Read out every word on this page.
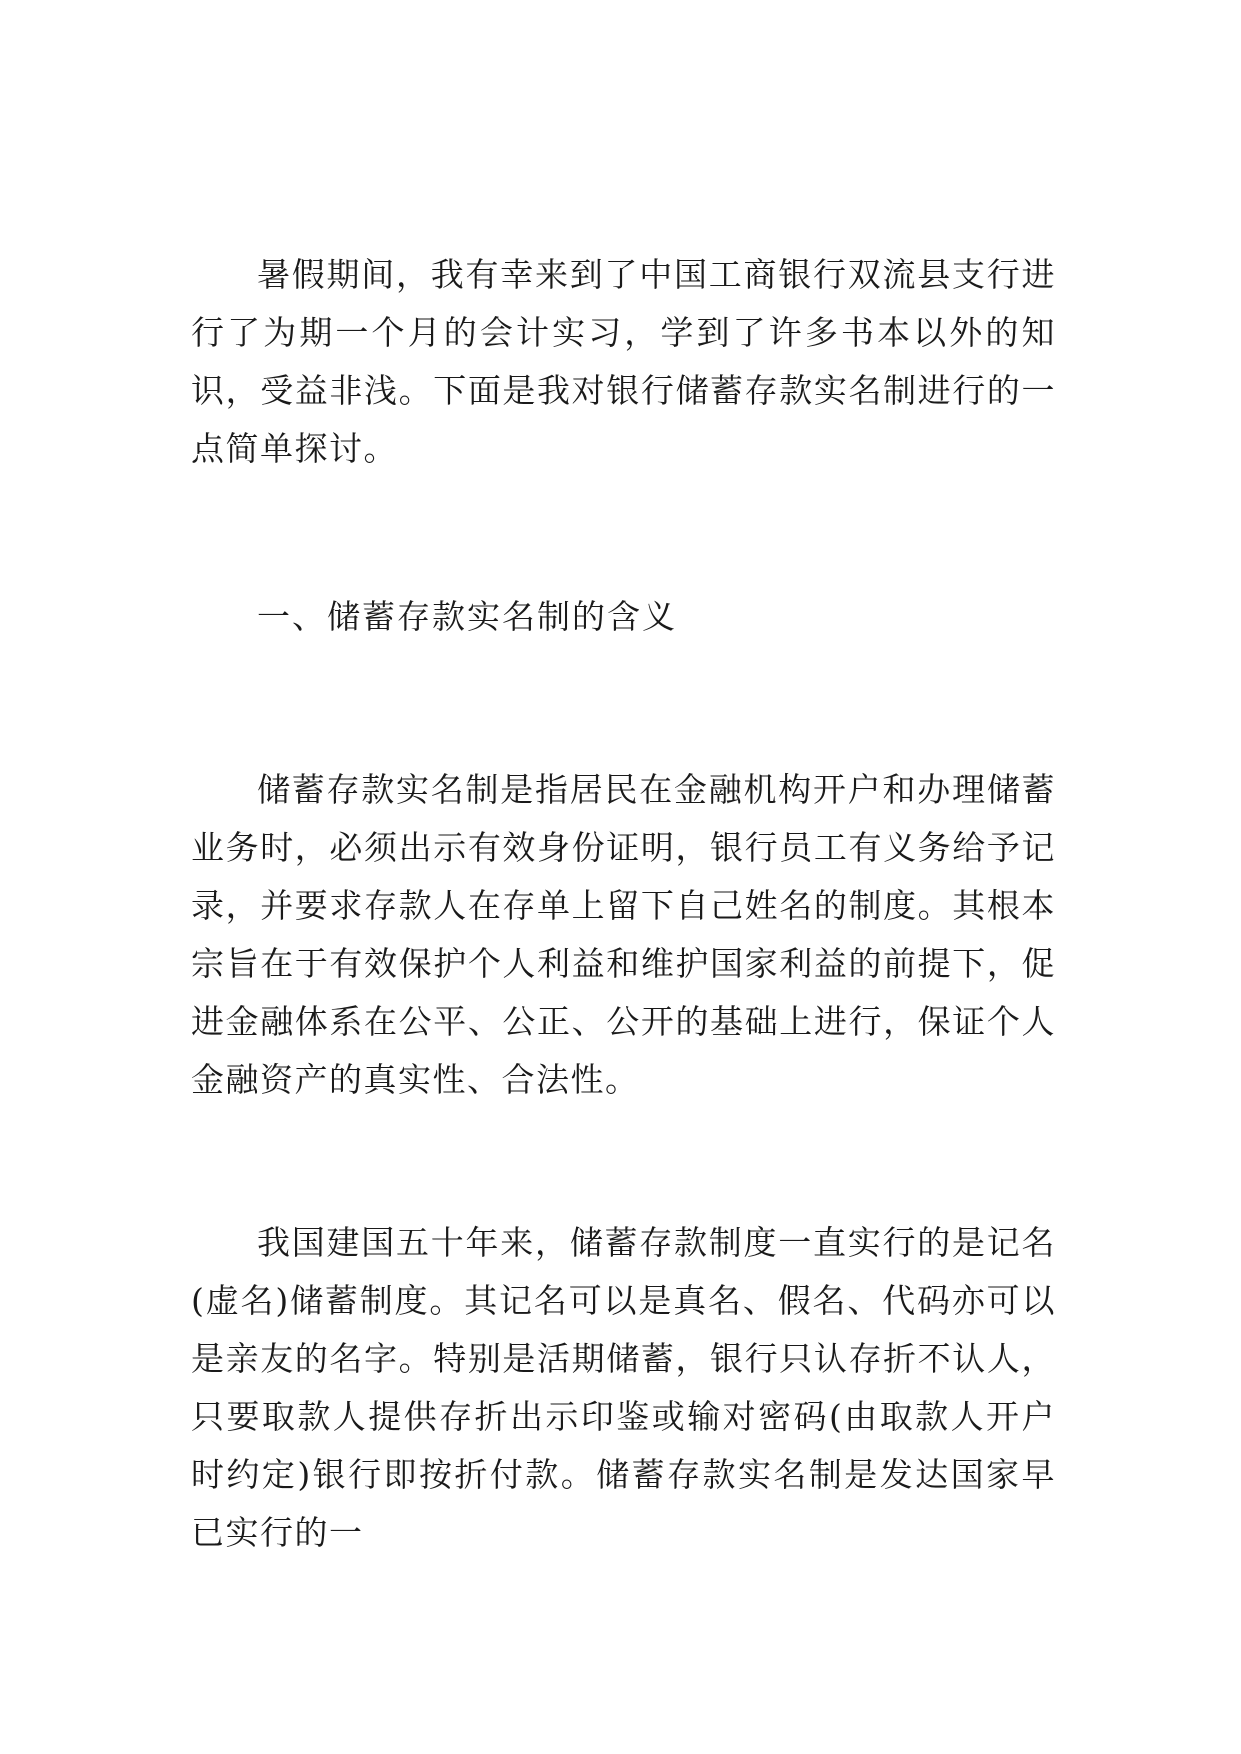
暑假期间，我有幸来到了中国工商银行双流县支行进行了为期一个月的会计实习，学到了许多书本以外的知识，受益非浅。下面是我对银行储蓄存款实名制进行的一点简单探讨。

一、储蓄存款实名制的含义

储蓄存款实名制是指居民在金融机构开户和办理储蓄业务时，必须出示有效身份证明，银行员工有义务给予记录，并要求存款人在存单上留下自己姓名的制度。其根本宗旨在于有效保护个人利益和维护国家利益的前提下，促进金融体系在公平、公正、公开的基础上进行，保证个人金融资产的真实性、合法性。

我国建国五十年来，储蓄存款制度一直实行的是记名(虚名)储蓄制度。其记名可以是真名、假名、代码亦可以是亲友的名字。特别是活期储蓄，银行只认存折不认人，只要取款人提供存折出示印鉴或输对密码(由取款人开户时约定)银行即按折付款。储蓄存款实名制是发达国家早已实行的一
